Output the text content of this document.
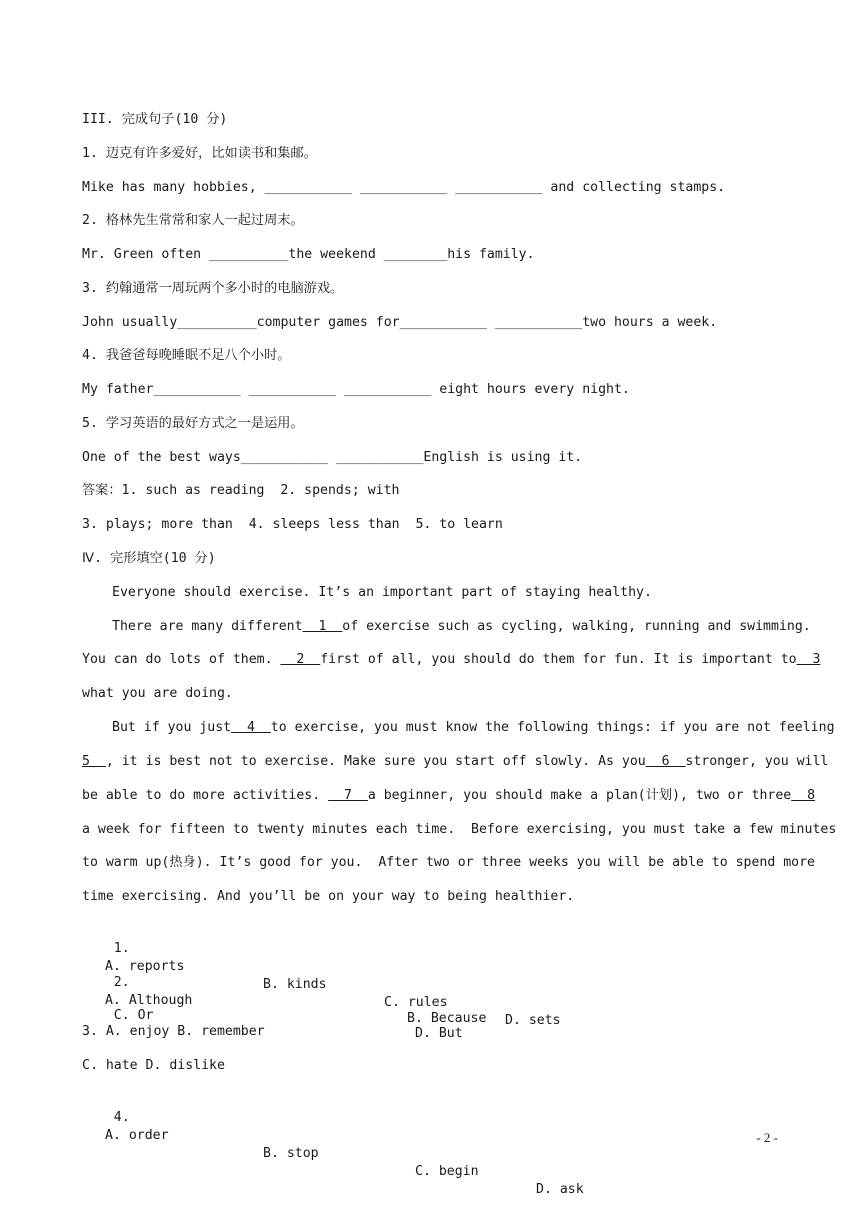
III. 完成句子(10 分)
1. 迈克有许多爱好，比如读书和集邮。
Mike has many hobbies, ___________ ___________ ___________ and collecting stamps.
2. 格林先生常常和家人一起过周末。
Mr. Green often __________the weekend ________his family.
3. 约翰通常一周玩两个多小时的电脑游戏。
John usually__________computer games for___________ ___________two hours a week.
4. 我爸爸每晚睡眠不足八个小时。
My father___________ ___________ ___________ eight hours every night.
5. 学习英语的最好方式之一是运用。
One of the best ways___________ ___________English is using it.
答案：1. such as reading  2. spends; with
3. plays; more than  4. sleeps less than  5. to learn
Ⅳ. 完形填空(10 分)
Everyone should exercise. It’s an important part of staying healthy.
There are many different  1  of exercise such as cycling, walking, running and swimming.
You can do lots of them.   2  first of all, you should do them for fun. It is important to  3
what you are doing.
But if you just  4  to exercise, you must know the following things: if you are not feeling
5  , it is best not to exercise. Make sure you start off slowly. As you  6  stronger, you will
be able to do more activities.   7  a beginner, you should make a plan(计划), two or three  8
a week for fifteen to twenty minutes each time.  Before exercising, you must take a few minutes
to warm up(热身). It’s good for you.  After two or three weeks you will be able to spend more
time exercising. And you’ll be on your way to being healthier.

1.

A. reports

B. kinds

C. rules

D. sets

2.

A. Although

B. Because

C. Or

D. But

3. A. enjoy B. remember
C. hate D. dislike

4.

A. order

B. stop

C. begin

D. ask

- 2 -
